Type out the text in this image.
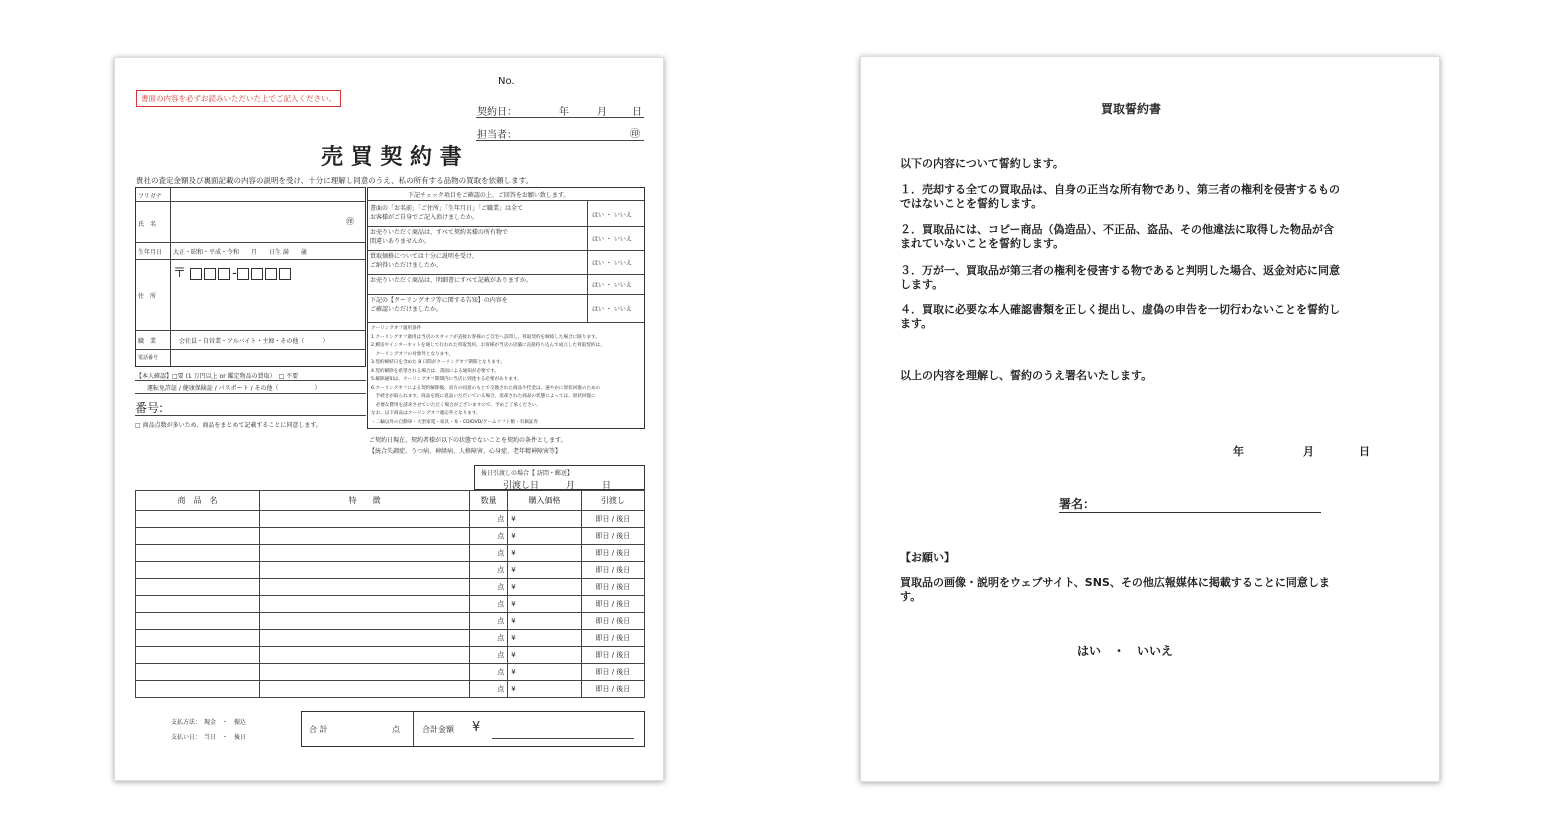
書面の内容を必ずお読みいただいた上でご記入ください。
No.
契約日：	年	月	日
担当者：	㊞
売 買 契 約 書
貴社の査定金額及び裏面記載の内容の説明を受け、十分に理解し同意のうえ、私の所有する品物の買取を依頼します。
フリガナ
氏　名	㊞
生年月日 大正・昭和・平成・令和　　月　　日生 満　　歳
住　所
〒	-
職　業	会社員・自営業・アルバイト・主婦・その他（　　　）
電話番号
【本人確認】□要 (1 万円以上 or 鑑定物品の買取）　□ 不要
運転免許証 / 健康保険証 / パスポート / その他（　　　　　　）
番号:
□ 商品点数が多いため、商品をまとめて記載することに同意します。
下記チェック項目をご確認の上、ご回答をお願い致します。
書面の「お名前」「ご住所」「生年月日」「ご職業」は全て
お客様がご自身でご記入頂けましたか。	はい ・ いいえ
お売りいただく商品は、すべて契約名様の所有物で
間違いありませんか。	はい ・ いいえ
買取価格については十分に説明を受け、
ご納得いただけましたか。	はい ・ いいえ
お売りいただく商品は、明細書にすべて記載がありますか。
はい ・ いいえ
下記の【クーリングオフ等に関する告知】の内容を
ご確認いただけましたか。	はい ・ いいえ
クーリングオフ適用条件
1.クーリングオフ適用は当店のスタッフが直接お客様のご自宅へ訪問し、買取契約を締結した場合に限ります。
2.郵送やインターネットを通じて行われた買取契約、お客様が当店の店舗に直接持ち込んで成立した買取契約は、
　クーリングオフの対象外となります。
3.契約締結日を含めた 8 日間がクーリングオフ期間となります。
4.契約解除を希望される場合は、書面による通知が必要です。
5.解除通知は、クーリングオフ期間内に当店に到達する必要があります。
6.クーリングオフによる契約解除後、双方の同意のもとで交換された商品や代金は、速やかに原状回復のための
　手続きが取られます。商品を既に返品いただいている場合、返却された商品の状態によっては、原状回復に
　必要な費用を請求させていただく場合がございますので、予めご了承ください。
なお、以下商品はクーリングオフ適応外となります。
・二輪以外の自動車・大型家電・家具・本・CD/DVD/ゲームソフト類・有価証券
ご契約日現在、契約者様が以下の状態でないことを契約の条件とします。
【統合失調症、うつ病、神経病、人格障害、心身症、老年精神障害等】
後日引渡しの場合【 訪問・郵送】
引渡し日　　　月　　　日
商　品　名	特　　徴	数量	購入価格	引渡し
		点	¥	即日 / 後日
		点	¥	即日 / 後日
		点	¥	即日 / 後日
		点	¥	即日 / 後日
		点	¥	即日 / 後日
		点	¥	即日 / 後日
		点	¥	即日 / 後日
		点	¥	即日 / 後日
		点	¥	即日 / 後日
		点	¥	即日 / 後日
		点	¥	即日 / 後日
支払方法：　現金　・　振込
支払い日：　当日　・　後日
合 計	点	合計金額 ¥
買取誓約書
以下の内容について誓約します。
１．売却する全ての買取品は、自身の正当な所有物であり、第三者の権利を侵害するもの
ではないことを誓約します。
２．買取品には、コピー商品（偽造品）、不正品、盗品、その他違法に取得した物品が含
まれていないことを誓約します。
３．万が一、買取品が第三者の権利を侵害する物であると判明した場合、返金対応に同意
します。
４．買取に必要な本人確認書類を正しく提出し、虚偽の申告を一切行わないことを誓約し
ます。
以上の内容を理解し、誓約のうえ署名いたします。
年	月	日
署名：
【お願い】
買取品の画像・説明をウェブサイト、SNS、その他広報媒体に掲載することに同意しま
す。
はい　・　いいえ
